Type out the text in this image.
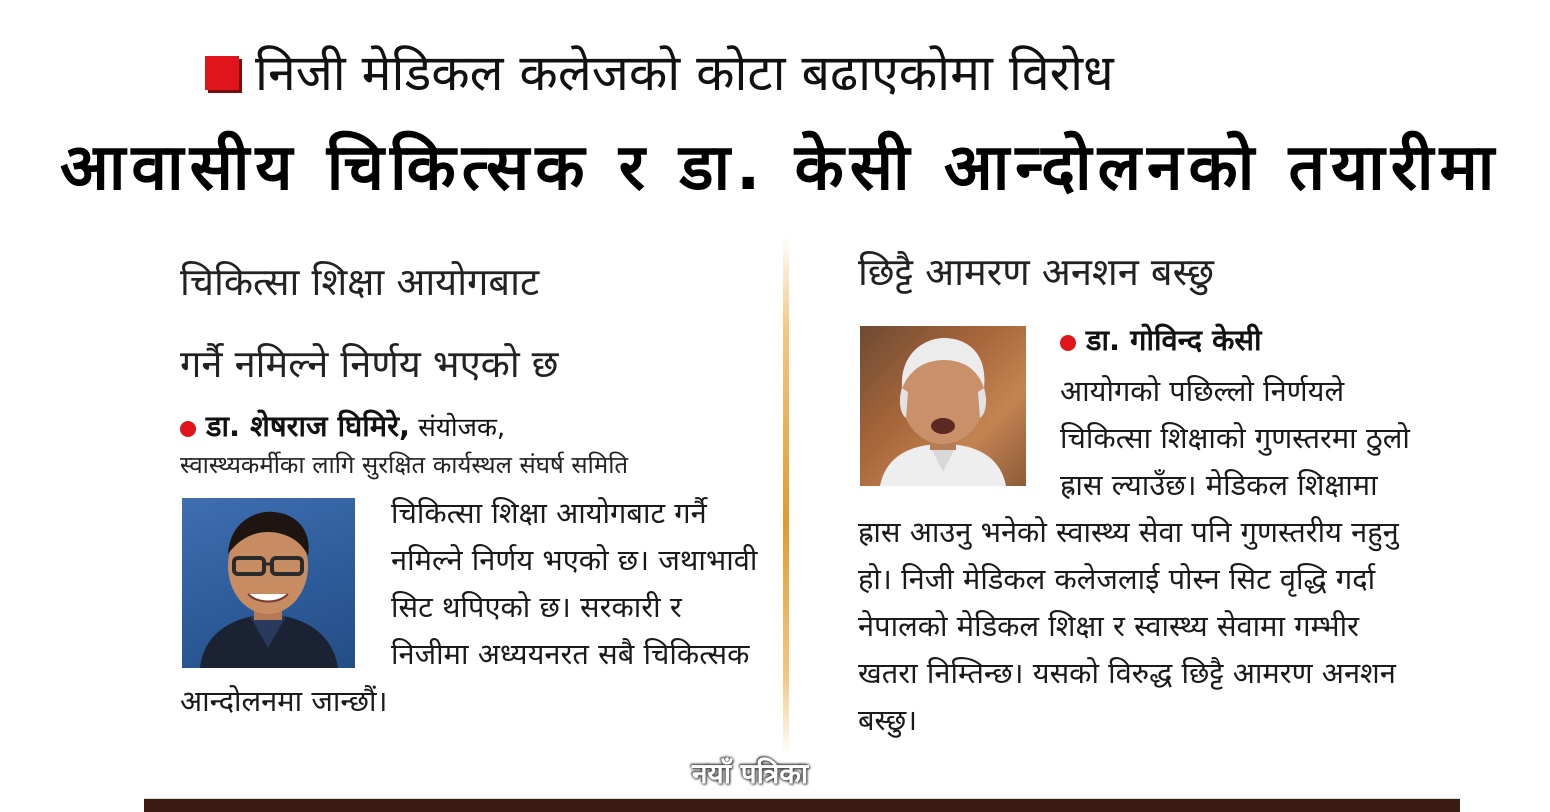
निजी मेडिकल कलेजको कोटा बढाएकोमा विरोध
आवासीय चिकित्सक र डा. केसी आन्दोलनको तयारीमा
चिकित्सा शिक्षा आयोगबाट
गर्नै नमिल्ने निर्णय भएको छ
डा. शेषराज घिमिरे, संयोजक,
स्वास्थ्यकर्मीका लागि सुरक्षित कार्यस्थल संघर्ष समिति
चिकित्सा शिक्षा आयोगबाट गर्नै नमिल्ने निर्णय भएको छ। जथाभावी सिट थपिएको छ। सरकारी र निजीमा अध्ययनरत सबै चिकित्सक आन्दोलनमा जान्छौं।
छिट्टै आमरण अनशन बस्छु
डा. गोविन्द केसी
आयोगको पछिल्लो निर्णयले चिकित्सा शिक्षाको गुणस्तरमा ठुलो ह्रास ल्याउँछ। मेडिकल शिक्षामा ह्रास आउनु भनेको स्वास्थ्य सेवा पनि गुणस्तरीय नहुनु हो। निजी मेडिकल कलेजलाई पोस्न सिट वृद्धि गर्दा नेपालको मेडिकल शिक्षा र स्वास्थ्य सेवामा गम्भीर खतरा निम्तिन्छ। यसको विरुद्ध छिट्टै आमरण अनशन बस्छु।
नयाँ पत्रिका
